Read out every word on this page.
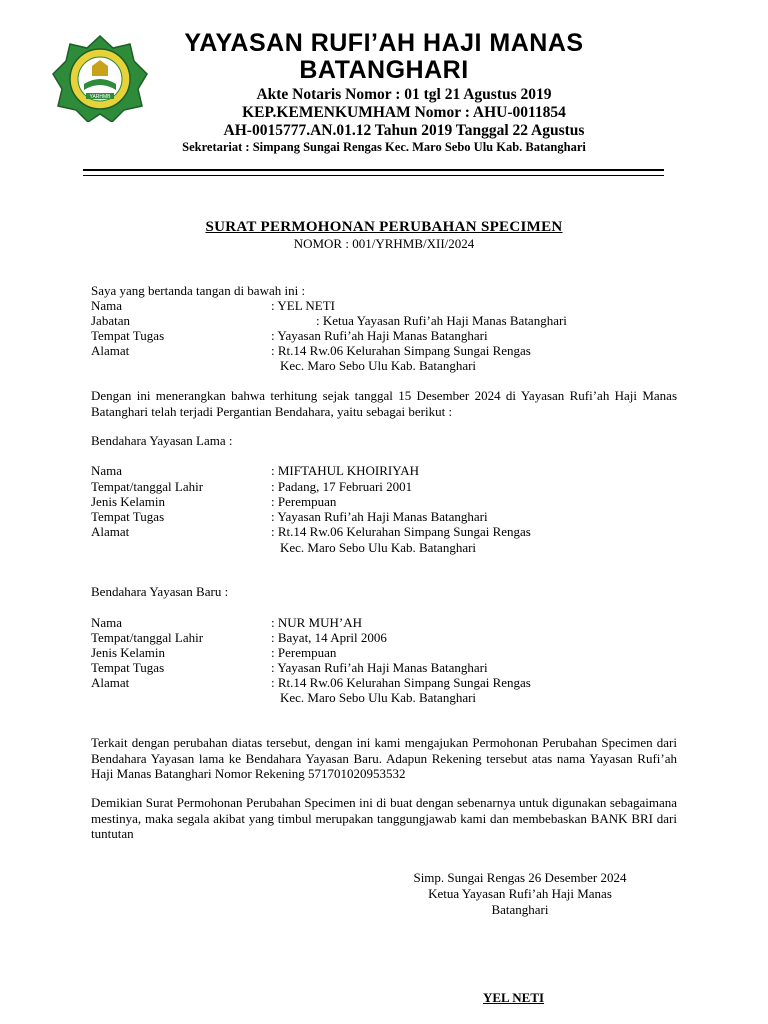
YARHMB
YAYASAN RUFI’AH HAJI MANAS BATANGHARI
Akte Notaris Nomor : 01 tgl 21 Agustus 2019
KEP.KEMENKUMHAM Nomor : AHU-0011854
AH-0015777.AN.01.12 Tahun 2019 Tanggal 22 Agustus
Sekretariat : Simpang Sungai Rengas Kec. Maro Sebo Ulu Kab. Batanghari
SURAT PERMOHONAN PERUBAHAN SPECIMEN
NOMOR : 001/YRHMB/XII/2024
Saya yang bertanda tangan di bawah ini :
Nama	: YEL NETI
Jabatan	: Ketua Yayasan Rufi’ah Haji Manas Batanghari
Tempat Tugas	: Yayasan Rufi’ah Haji Manas Batanghari
Alamat	: Rt.14 Rw.06 Kelurahan Simpang Sungai Rengas
Kec. Maro Sebo Ulu Kab. Batanghari
Dengan ini menerangkan bahwa terhitung sejak tanggal 15 Desember 2024 di Yayasan Rufi’ah Haji Manas Batanghari telah terjadi Pergantian Bendahara, yaitu sebagai berikut :
Bendahara Yayasan Lama :
Nama	: MIFTAHUL KHOIRIYAH
Tempat/tanggal Lahir	: Padang, 17 Februari 2001
Jenis Kelamin	: Perempuan
Tempat Tugas	: Yayasan Rufi’ah Haji Manas Batanghari
Alamat	: Rt.14 Rw.06 Kelurahan Simpang Sungai Rengas
Kec. Maro Sebo Ulu Kab. Batanghari
Bendahara Yayasan Baru :
Nama	: NUR MUH’AH
Tempat/tanggal Lahir	: Bayat, 14 April 2006
Jenis Kelamin	: Perempuan
Tempat Tugas	: Yayasan Rufi’ah Haji Manas Batanghari
Alamat	: Rt.14 Rw.06 Kelurahan Simpang Sungai Rengas
Kec. Maro Sebo Ulu Kab. Batanghari
Terkait dengan perubahan diatas tersebut, dengan ini kami mengajukan Permohonan Perubahan Specimen dari Bendahara Yayasan lama ke Bendahara Yayasan Baru. Adapun Rekening tersebut atas nama Yayasan Rufi’ah Haji Manas Batanghari Nomor Rekening 57170102095353​2
Demikian Surat Permohonan Perubahan Specimen ini di buat dengan sebenarnya untuk digunakan sebagaimana mestinya, maka segala akibat yang timbul merupakan tanggungjawab kami dan membebaskan BANK BRI dari tuntutan
Simp. Sungai Rengas 26 Desember 2024
Ketua Yayasan Rufi’ah Haji Manas
Batanghari
YEL NETI
